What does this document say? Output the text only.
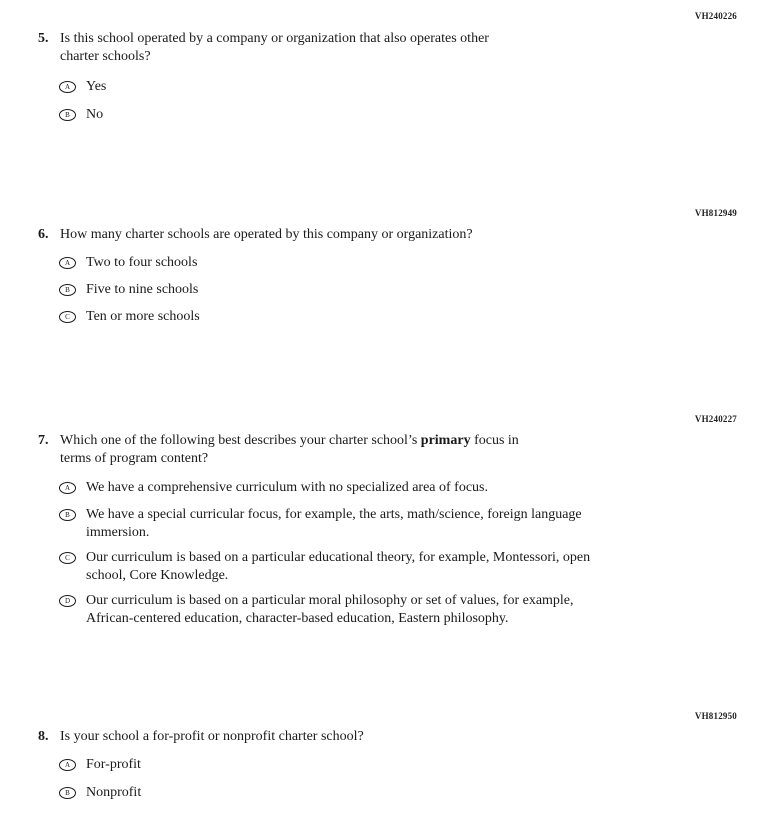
VH240226
5. Is this school operated by a company or organization that also operates other
charter schools?
A	Yes
B	No
VH812949
6. How many charter schools are operated by this company or organization?
A	Two to four schools
B	Five to nine schools
C	Ten or more schools
VH240227
7. Which one of the following best describes your charter school’s primary focus in
terms of program content?
A	We have a comprehensive curriculum with no specialized area of focus.
B	We have a special curricular focus, for example, the arts, math/science, foreign language
immersion.
C	Our curriculum is based on a particular educational theory, for example, Montessori, open
school, Core Knowledge.
D	Our curriculum is based on a particular moral philosophy or set of values, for example,
African-centered education, character-based education, Eastern philosophy.
VH812950
8. Is your school a for-profit or nonprofit charter school?
A	For-profit
B	Nonprofit
